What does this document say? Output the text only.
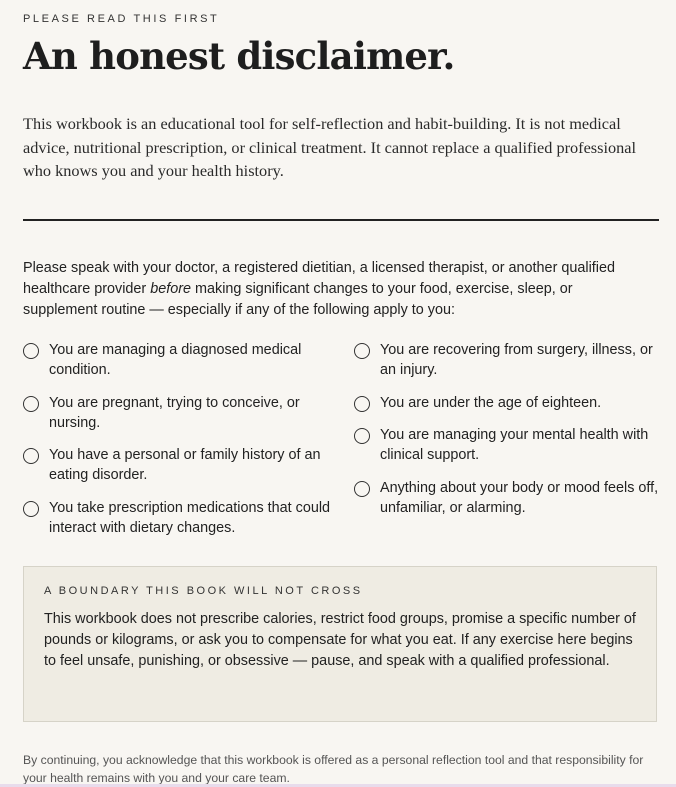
PLEASE READ THIS FIRST
An honest disclaimer.

This workbook is an educational tool for self-reflection and habit-building. It is not medical advice, nutritional prescription, or clinical treatment. It cannot replace a qualified professional who knows you and your health history.

Please speak with your doctor, a registered dietitian, a licensed therapist, or another qualified healthcare provider before making significant changes to your food, exercise, sleep, or supplement routine — especially if any of the following apply to you:

You are managing a diagnosed medical condition.
You are pregnant, trying to conceive, or nursing.
You have a personal or family history of an eating disorder.
You take prescription medications that could interact with dietary changes.
You are recovering from surgery, illness, or an injury.
You are under the age of eighteen.
You are managing your mental health with clinical support.
Anything about your body or mood feels off, unfamiliar, or alarming.
A BOUNDARY THIS BOOK WILL NOT CROSS

This workbook does not prescribe calories, restrict food groups, promise a specific number of pounds or kilograms, or ask you to compensate for what you eat. If any exercise here begins to feel unsafe, punishing, or obsessive — pause, and speak with a qualified professional.

By continuing, you acknowledge that this workbook is offered as a personal reflection tool and that responsibility for your health remains with you and your care team.
